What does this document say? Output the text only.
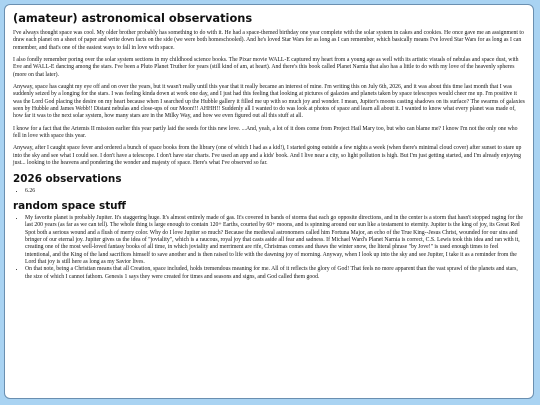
(amateur) astronomical observations

I've always thought space was cool. My older brother probably has something to do with it. He had a space-themed birthday one year complete with the solar system in cakes and cookies. He once gave me an assignment to draw each planet on a sheet of paper and write down facts on the side (we were both homeschooled). And he's loved Star Wars for as long as I can remember, which basically means I've loved Star Wars for as long as I can remember, and that's one of the easiest ways to fall in love with space.

I also fondly remember poring over the solar system sections in my childhood science books. The Pixar movie WALL-E captured my heart from a young age as well with its artistic visuals of nebulas and space dust, with Eve and WALL-E dancing among the stars. I've been a Pluto Planet Truther for years (still kind of am, at heart). And there's this book called Planet Narnia that also has a little to do with my love of the heavenly spheres (more on that later).

Anyway, space has caught my eye off and on over the years, but it wasn't really until this year that it really became an interest of mine. I'm writing this on July 6th, 2026, and it was about this time last month that I was suddenly seized by a longing for the stars. I was feeling kinda down at work one day, and I just had this feeling that looking at pictures of galaxies and planets taken by space telescopes would cheer me up. I'm positive it was the Lord God placing the desire on my heart because when I searched up the Hubble gallery it filled me up with so much joy and wonder. I mean, Jupiter's moons casting shadows on its surface? The swarms of galaxies seen by Hubble and James Webb!! Distant nebulas and close-ups of our Moon!!! AHHH!! Suddenly all I wanted to do was look at photos of space and learn all about it. I wanted to know what every planet was made of, how far it was to the next solar system, how many stars are in the Milky Way, and how we even figured out all this stuff at all.

I know for a fact that the Artemis II mission earlier this year partly laid the seeds for this new love. ...And, yeah, a lot of it does come from Project Hail Mary too, but who can blame me? I know I'm not the only one who fell in love with space this year.

Anyway, after I caught space fever and ordered a bunch of space books from the library (one of which I had as a kid!), I started going outside a few nights a week (when there's minimal cloud cover) after sunset to stare up into the sky and see what I could see. I don't have a telescope. I don't have star charts. I've used an app and a kids' book. And I live near a city, so light pollution is high. But I'm just getting started, and I'm already enjoying just... looking to the heavens and pondering the wonder and majesty of space. Here's what I've observed so far.

2026 observations
• 6.26
random space stuff
• My favorite planet is probably Jupiter. It's staggering huge. It's almost entirely made of gas. It's covered in bands of storms that each go opposite directions, and in the center is a storm that hasn't stopped raging for the last 200 years (as far as we can tell). The whole thing is large enough to contain 120+ Earths, courted by 60+ moons, and is spinning around our sun like a testament to eternity. Jupiter is the king of joy, its Great Red Spot both a serious wound and a flush of merry color. Why do I love Jupiter so much? Because the medieval astronomers called him Fortuna Major, an echo of the True King--Jesus Christ, wounded for our sins and bringer of our eternal joy. Jupiter gives us the idea of "joviality", which is a raucous, royal joy that casts aside all fear and sadness. If Michael Ward's Planet Narnia is correct, C.S. Lewis took this idea and ran with it, creating one of the most well-loved fantasy books of all time, in which joviality and merriment are rife, Christmas comes and thaws the winter snow, the literal phrase "by Jove!" is used enough times to feel intentional, and the King of the land sacrifices himself to save another and is then raised to life with the dawning joy of morning. Anyway, when I look up into the sky and see Jupiter, I take it as a reminder from the Lord that joy is still here as long as my Savior lives.
• On that note, being a Christian means that all Creation, space included, holds tremendous meaning for me. All of it reflects the glory of God! That feels no more apparent than the vast sprawl of the planets and stars, the size of which I cannot fathom. Genesis 1 says they were created for times and seasons and signs, and God called them good.
